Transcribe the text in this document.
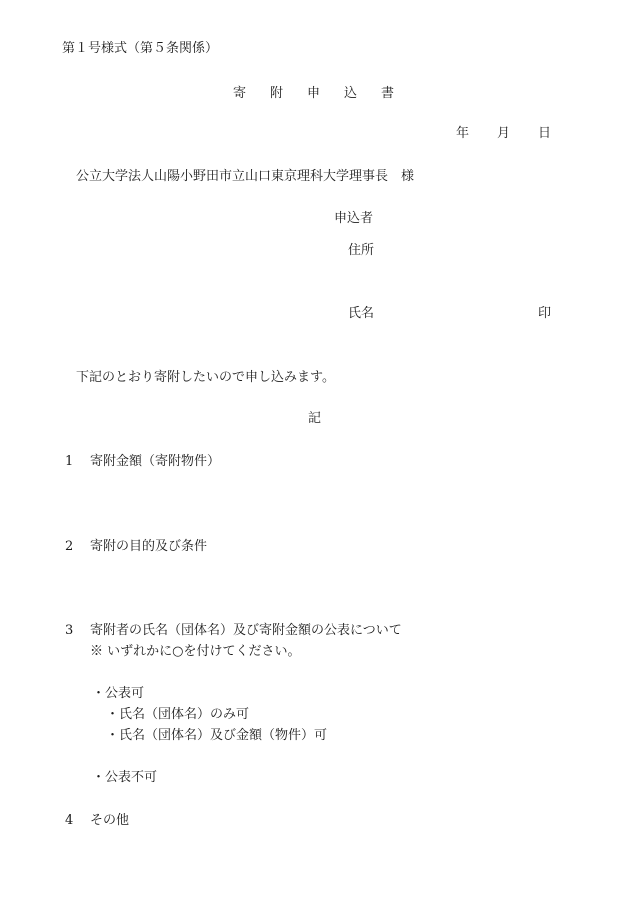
第１号様式（第５条関係）
寄 附 申 込 書
年 月 日
公立大学法人山陽小野田市立山口東京理科大学理事長　様
申込者
住所
氏名	印
下記のとおり寄附したいので申し込みます。
記
1 寄附金額（寄附物件）
2 寄附の目的及び条件
3 寄附者の氏名（団体名）及び寄附金額の公表について
※ いずれかに○を付けてください。
・公表可
・氏名（団体名）のみ可
・氏名（団体名）及び金額（物件）可
・公表不可
4 その他
